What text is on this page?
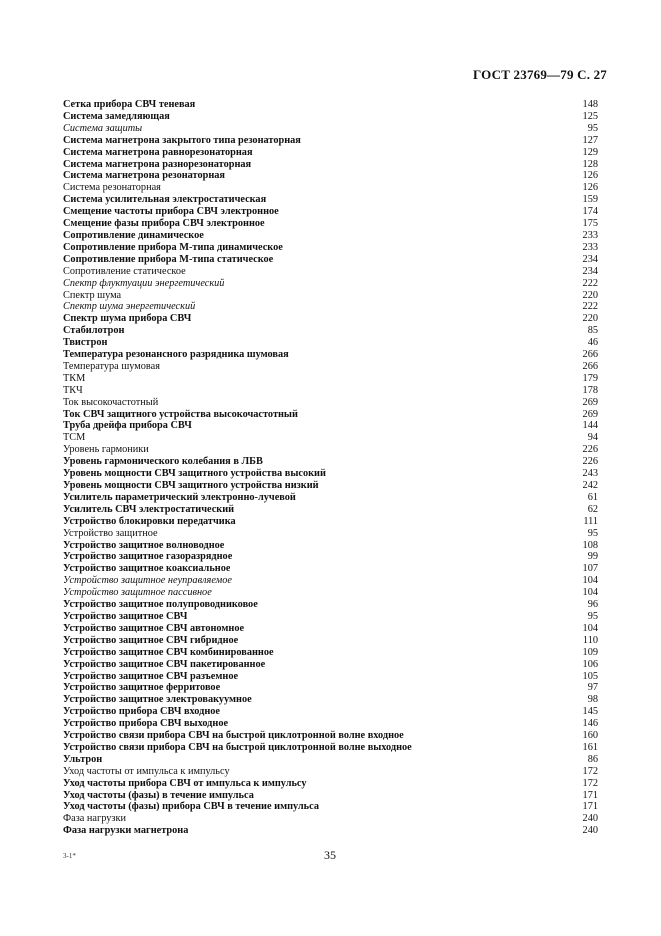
ГОСТ 23769—79 С. 27
Сетка прибора СВЧ теневая	148
Система замедляющая	125
Система защиты	95
Система магнетрона закрытого типа резонаторная	127
Система магнетрона равнорезонаторная	129
Система магнетрона разнорезонаторная	128
Система магнетрона резонаторная	126
Система резонаторная	126
Система усилительная электростатическая	159
Смещение частоты прибора СВЧ электронное	174
Смещение фазы прибора СВЧ электронное	175
Сопротивление динамическое	233
Сопротивление прибора М-типа динамическое	233
Сопротивление прибора М-типа статическое	234
Сопротивление статическое	234
Спектр флуктуации энергетический	222
Спектр шума	220
Спектр шума энергетический	222
Спектр шума прибора СВЧ	220
Стабилотрон	85
Твистрон	46
Температура резонансного разрядника шумовая	266
Температура шумовая	266
ТКМ	179
ТКЧ	178
Ток высокочастотный	269
Ток СВЧ защитного устройства высокочастотный	269
Труба дрейфа прибора СВЧ	144
ТСМ	94
Уровень гармоники	226
Уровень гармонического колебания в ЛБВ	226
Уровень мощности СВЧ защитного устройства высокий	243
Уровень мощности СВЧ защитного устройства низкий	242
Усилитель параметрический электронно-лучевой	61
Усилитель СВЧ электростатический	62
Устройство блокировки передатчика	111
Устройство защитное	95
Устройство защитное волноводное	108
Устройство защитное газоразрядное	99
Устройство защитное коаксиальное	107
Устройство защитное неуправляемое	104
Устройство защитное пассивное	104
Устройство защитное полупроводниковое	96
Устройство защитное СВЧ	95
Устройство защитное СВЧ автономное	104
Устройство защитное СВЧ гибридное	110
Устройство защитное СВЧ комбинированное	109
Устройство защитное СВЧ пакетированное	106
Устройство защитное СВЧ разъемное	105
Устройство защитное ферритовое	97
Устройство защитное электровакуумное	98
Устройство прибора СВЧ входное	145
Устройство прибора СВЧ выходное	146
Устройство связи прибора СВЧ на быстрой циклотронной волне входное	160
Устройство связи прибора СВЧ на быстрой циклотронной волне выходное	161
Ультрон	86
Уход частоты от импульса к импульсу	172
Уход частоты прибора СВЧ от импульса к импульсу	172
Уход частоты (фазы) в течение импульса	171
Уход частоты (фазы) прибора СВЧ в течение импульса	171
Фаза нагрузки	240
Фаза нагрузки магнетрона	240
3-1*	35
